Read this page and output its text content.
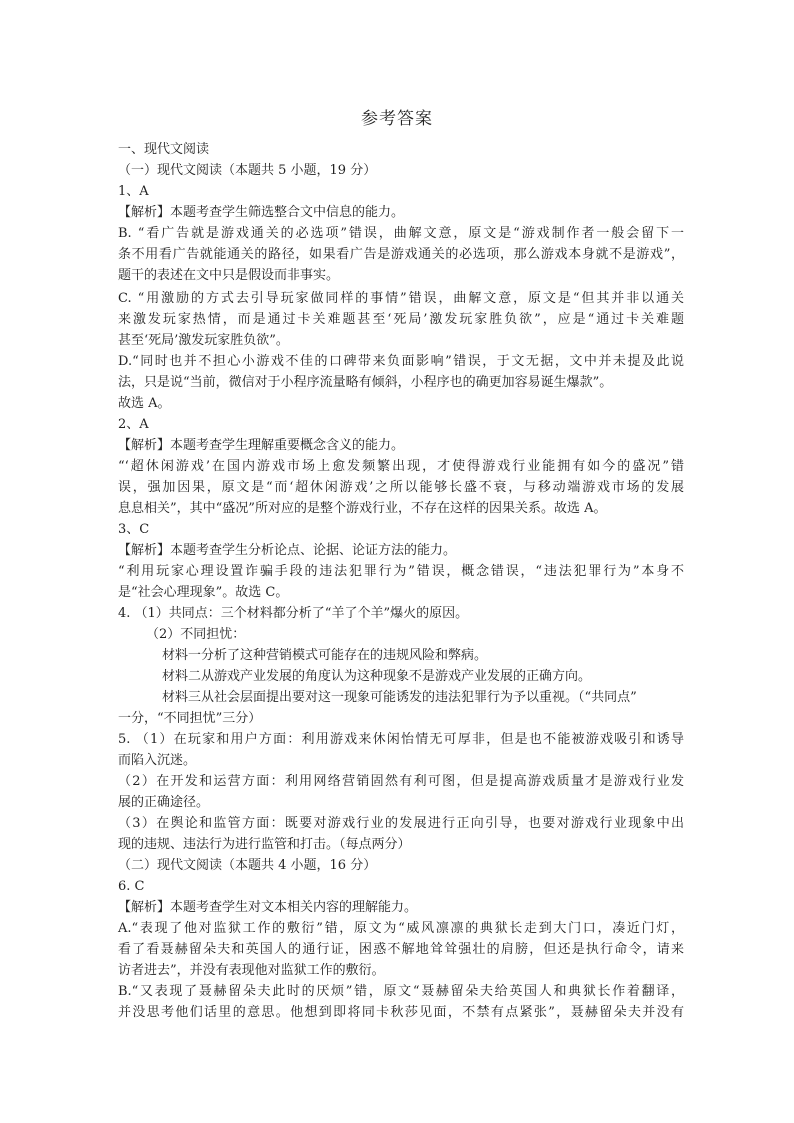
参考答案
一、现代文阅读
（一）现代文阅读（本题共 5 小题，19 分）
1、A
【解析】本题考查学生筛选整合文中信息的能力。
B. “看广告就是游戏通关的必选项”错误，曲解文意，原文是“游戏制作者一般会留下一
条不用看广告就能通关的路径，如果看广告是游戏通关的必选项，那么游戏本身就不是游戏”，
题干的表述在文中只是假设而非事实。
C. “用激励的方式去引导玩家做同样的事情”错误，曲解文意，原文是“但其并非以通关
来激发玩家热情，而是通过卡关难题甚至‘死局’激发玩家胜负欲”，应是“通过卡关难题
甚至‘死局’激发玩家胜负欲”。
D.“同时也并不担心小游戏不佳的口碑带来负面影响”错误，于文无据，文中并未提及此说
法，只是说“当前，微信对于小程序流量略有倾斜，小程序也的确更加容易诞生爆款”。
故选 A。
2、A
【解析】本题考查学生理解重要概念含义的能力。
“‘超休闲游戏’在国内游戏市场上愈发频繁出现，才使得游戏行业能拥有如今的盛况”错
误，强加因果，原文是“而‘超休闲游戏’之所以能够长盛不衰，与移动端游戏市场的发展
息息相关”，其中“盛况”所对应的是整个游戏行业，不存在这样的因果关系。故选 A。
3、C
【解析】本题考查学生分析论点、论据、论证方法的能力。
“利用玩家心理设置诈骗手段的违法犯罪行为”错误，概念错误，“违法犯罪行为”本身不
是“社会心理现象”。故选 C。
4. （1）共同点：三个材料都分析了“羊了个羊”爆火的原因。
（2）不同担忧：
材料一分析了这种营销模式可能存在的违规风险和弊病。
材料二从游戏产业发展的角度认为这种现象不是游戏产业发展的正确方向。
材料三从社会层面提出要对这一现象可能诱发的违法犯罪行为予以重视。（“共同点”
一分，“不同担忧”三分）
5. （1）在玩家和用户方面：利用游戏来休闲怡情无可厚非，但是也不能被游戏吸引和诱导
而陷入沉迷。
（2）在开发和运营方面：利用网络营销固然有利可图，但是提高游戏质量才是游戏行业发
展的正确途径。
（3）在舆论和监管方面：既要对游戏行业的发展进行正向引导，也要对游戏行业现象中出
现的违规、违法行为进行监管和打击。（每点两分）
（二）现代文阅读（本题共 4 小题，16 分）
6. C
【解析】本题考查学生对文本相关内容的理解能力。
A.“表现了他对监狱工作的敷衍”错，原文为“威风凛凛的典狱长走到大门口，凑近门灯，
看了看聂赫留朵夫和英国人的通行证，困惑不解地耸耸强壮的肩膀，但还是执行命令，请来
访者进去”，并没有表现他对监狱工作的敷衍。
B.“又表现了聂赫留朵夫此时的厌烦”错，原文“聂赫留朵夫给英国人和典狱长作着翻译，
并没思考他们话里的意思。他想到即将同卡秋莎见面，不禁有点紧张”，聂赫留朵夫并没有
